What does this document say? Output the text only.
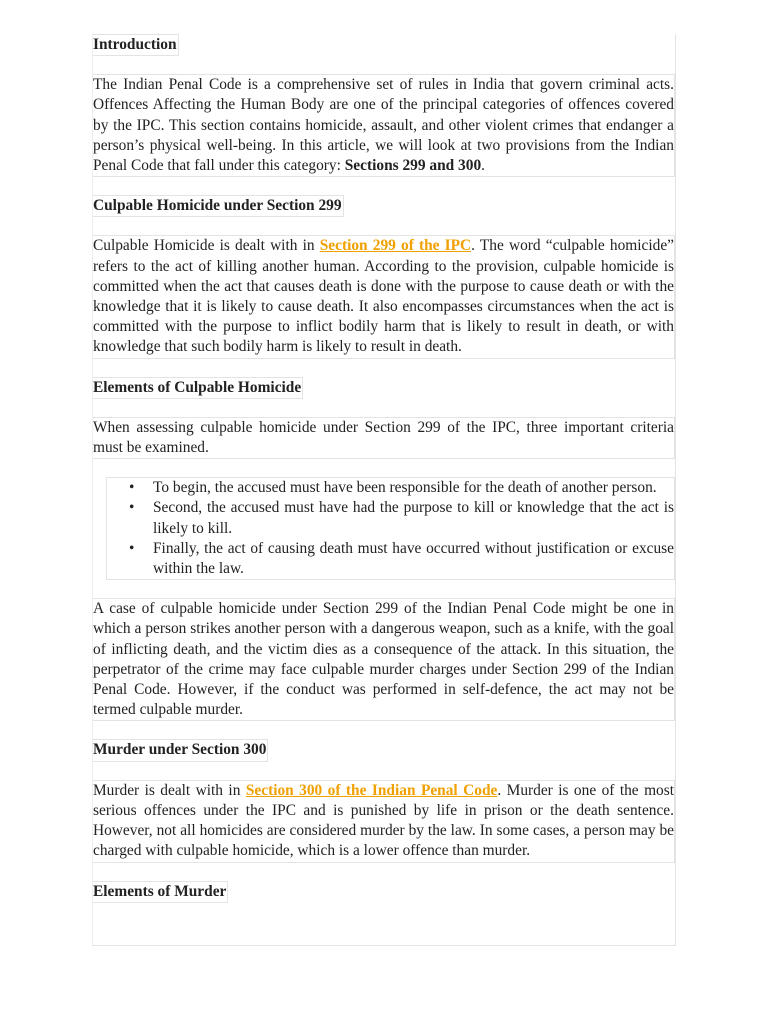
Introduction
The Indian Penal Code is a comprehensive set of rules in India that govern criminal acts. Offences Affecting the Human Body are one of the principal categories of offences covered by the IPC. This section contains homicide, assault, and other violent crimes that endanger a person’s physical well-being. In this article, we will look at two provisions from the Indian Penal Code that fall under this category: Sections 299 and 300.
Culpable Homicide under Section 299
Culpable Homicide is dealt with in Section 299 of the IPC. The word “culpable homicide” refers to the act of killing another human. According to the provision, culpable homicide is committed when the act that causes death is done with the purpose to cause death or with the knowledge that it is likely to cause death. It also encompasses circumstances when the act is committed with the purpose to inflict bodily harm that is likely to result in death, or with knowledge that such bodily harm is likely to result in death.
Elements of Culpable Homicide
When assessing culpable homicide under Section 299 of the IPC, three important criteria must be examined.
• To begin, the accused must have been responsible for the death of another person.
• Second, the accused must have had the purpose to kill or knowledge that the act is likely to kill.
• Finally, the act of causing death must have occurred without justification or excuse within the law.
A case of culpable homicide under Section 299 of the Indian Penal Code might be one in which a person strikes another person with a dangerous weapon, such as a knife, with the goal of inflicting death, and the victim dies as a consequence of the attack. In this situation, the perpetrator of the crime may face culpable murder charges under Section 299 of the Indian Penal Code. However, if the conduct was performed in self-defence, the act may not be termed culpable murder.
Murder under Section 300
Murder is dealt with in Section 300 of the Indian Penal Code. Murder is one of the most serious offences under the IPC and is punished by life in prison or the death sentence. However, not all homicides are considered murder by the law. In some cases, a person may be charged with culpable homicide, which is a lower offence than murder.
Elements of Murder
